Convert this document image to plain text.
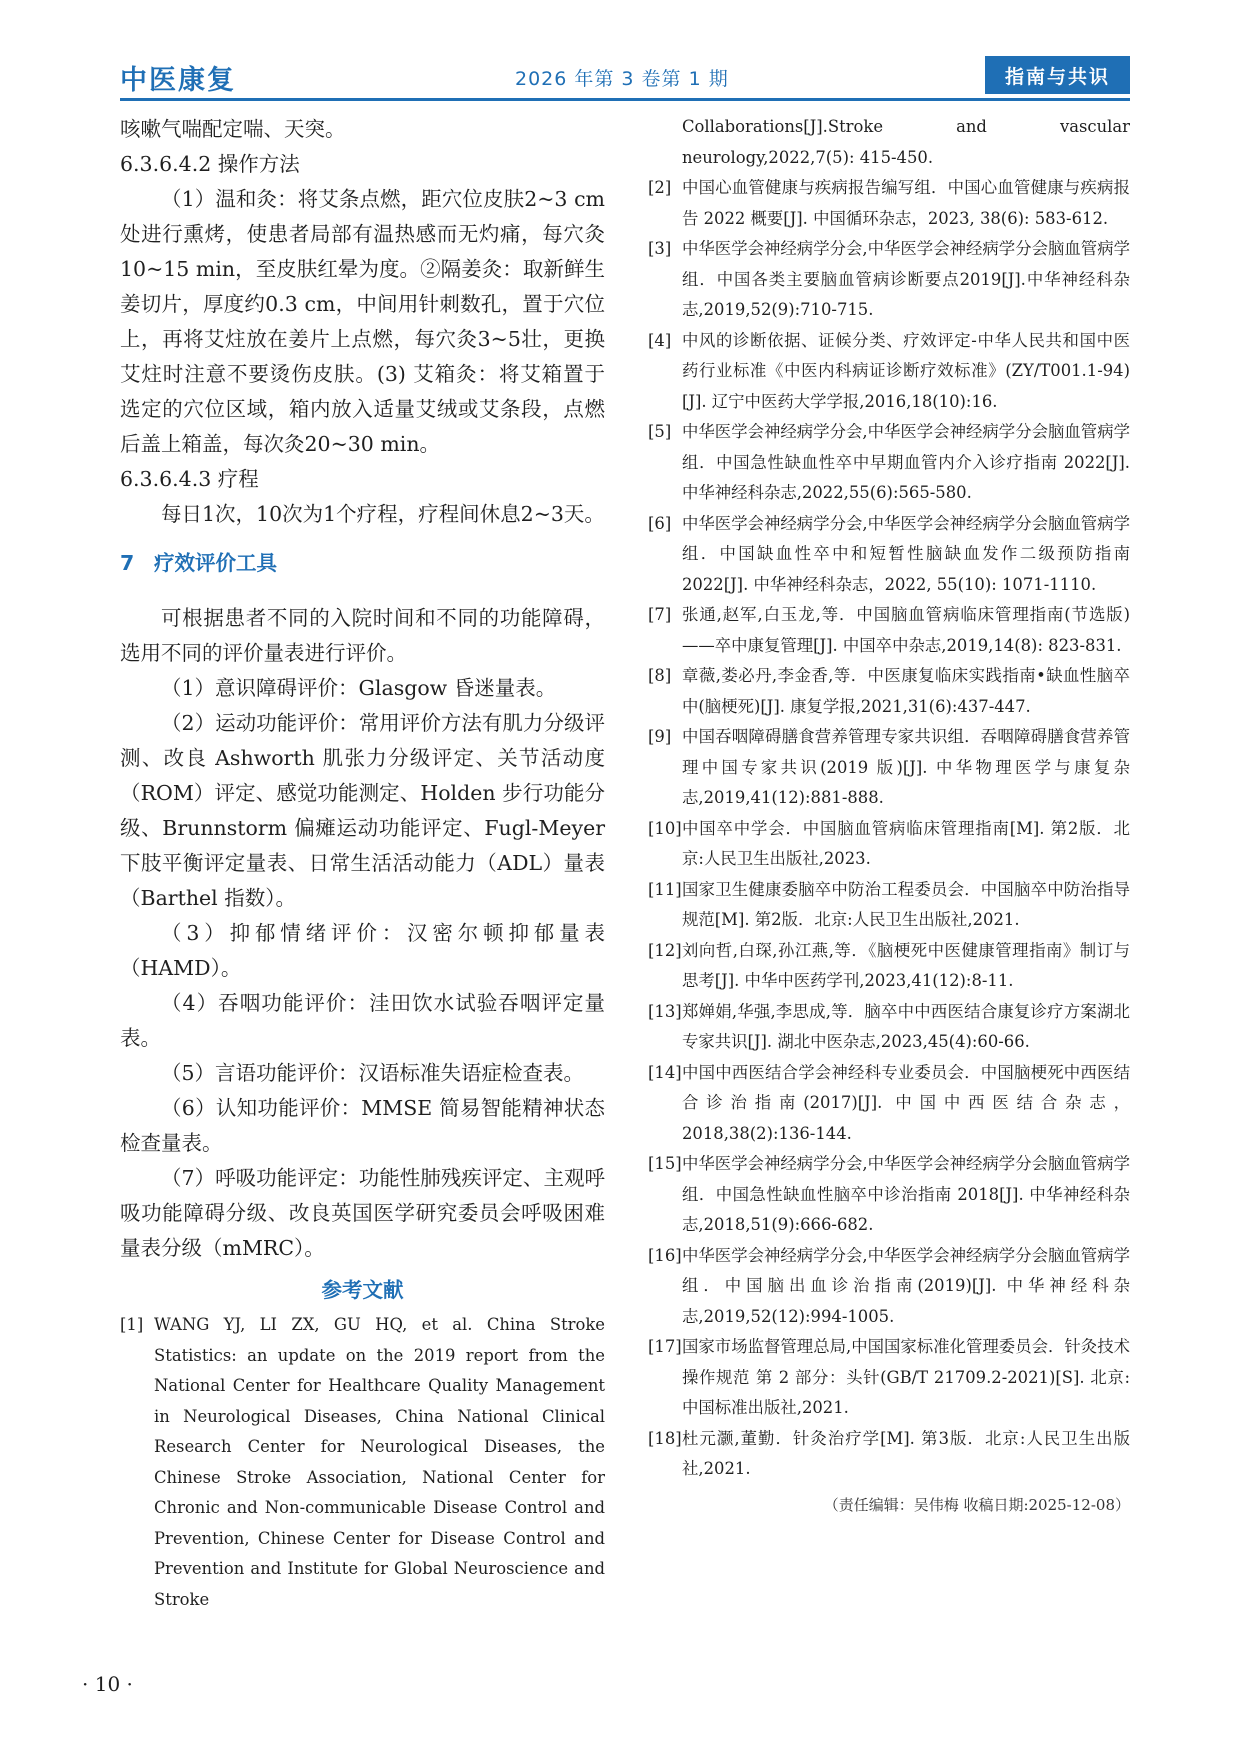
中医康复	2026 年第 3 卷第 1 期	指南与共识

咳嗽气喘配定喘、天突。

6.3.6.4.2 操作方法

（1）温和灸：将艾条点燃，距穴位皮肤2~3 cm处进行熏烤，使患者局部有温热感而无灼痛，每穴灸10~15 min，至皮肤红晕为度。②隔姜灸：取新鲜生姜切片，厚度约0.3 cm，中间用针刺数孔，置于穴位上，再将艾炷放在姜片上点燃，每穴灸3~5壮，更换艾炷时注意不要烫伤皮肤。(3) 艾箱灸：将艾箱置于选定的穴位区域，箱内放入适量艾绒或艾条段，点燃后盖上箱盖，每次灸20~30 min。

6.3.6.4.3 疗程

每日1次，10次为1个疗程，疗程间休息2~3天。

7 疗效评价工具

可根据患者不同的入院时间和不同的功能障碍，选用不同的评价量表进行评价。

（1）意识障碍评价：Glasgow 昏迷量表。

（2）运动功能评价：常用评价方法有肌力分级评测、改良 Ashworth 肌张力分级评定、关节活动度（ROM）评定、感觉功能测定、Holden 步行功能分级、Brunnstorm 偏瘫运动功能评定、Fugl-Meyer 下肢平衡评定量表、日常生活活动能力（ADL）量表（Barthel 指数）。

（3）抑郁情绪评价：汉密尔顿抑郁量表（HAMD）。

（4）吞咽功能评价：洼田饮水试验吞咽评定量表。

（5）言语功能评价：汉语标准失语症检查表。

（6）认知功能评价：MMSE 简易智能精神状态检查量表。

（7）呼吸功能评定：功能性肺残疾评定、主观呼吸功能障碍分级、改良英国医学研究委员会呼吸困难量表分级（mMRC）。

参考文献
[1] WANG YJ, LI ZX, GU HQ, et al. China Stroke Statistics: an update on the 2019 report from the National Center for Healthcare Quality Management in Neurological Diseases, China National Clinical Research Center for Neurological Diseases, the Chinese Stroke Association, National Center for Chronic and Non-communicable Disease Control and Prevention, Chinese Center for Disease Control and Prevention and Institute for Global Neuroscience and Stroke
Collaborations[J].Stroke and vascular neurology,2022,7(5): 415-450.
[2] 中国心血管健康与疾病报告编写组．中国心血管健康与疾病报告 2022 概要[J]. 中国循环杂志，2023, 38(6): 583-612.
[3] 中华医学会神经病学分会,中华医学会神经病学分会脑血管病学组．中国各类主要脑血管病诊断要点2019[J].中华神经科杂志,2019,52(9):710-715.
[4] 中风的诊断依据、证候分类、疗效评定-中华人民共和国中医药行业标准《中医内科病证诊断疗效标准》(ZY/T001.1-94)[J]. 辽宁中医药大学学报,2016,18(10):16.
[5] 中华医学会神经病学分会,中华医学会神经病学分会脑血管病学组．中国急性缺血性卒中早期血管内介入诊疗指南 2022[J]. 中华神经科杂志,2022,55(6):565-580.
[6] 中华医学会神经病学分会,中华医学会神经病学分会脑血管病学组．中国缺血性卒中和短暂性脑缺血发作二级预防指南 2022[J]. 中华神经科杂志，2022, 55(10): 1071-1110.
[7] 张通,赵军,白玉龙,等．中国脑血管病临床管理指南(节选版)——卒中康复管理[J]. 中国卒中杂志,2019,14(8): 823-831.
[8] 章薇,娄必丹,李金香,等．中医康复临床实践指南•缺血性脑卒中(脑梗死)[J]. 康复学报,2021,31(6):437-447.
[9] 中国吞咽障碍膳食营养管理专家共识组．吞咽障碍膳食营养管理中国专家共识(2019 版)[J]. 中华物理医学与康复杂志,2019,41(12):881-888.
[10] 中国卒中学会．中国脑血管病临床管理指南[M]. 第2版．北京:人民卫生出版社,2023.
[11] 国家卫生健康委脑卒中防治工程委员会．中国脑卒中防治指导规范[M]. 第2版．北京:人民卫生出版社,2021.
[12] 刘向哲,白琛,孙江燕,等．《脑梗死中医健康管理指南》制订与思考[J]. 中华中医药学刊,2023,41(12):8-11.
[13] 郑婵娟,华强,李思成,等．脑卒中中西医结合康复诊疗方案湖北专家共识[J]. 湖北中医杂志,2023,45(4):60-66.
[14] 中国中西医结合学会神经科专业委员会．中国脑梗死中西医结合诊治指南(2017)[J]. 中国中西医结合杂志，2018,38(2):136-144.
[15] 中华医学会神经病学分会,中华医学会神经病学分会脑血管病学组．中国急性缺血性脑卒中诊治指南 2018[J]. 中华神经科杂志,2018,51(9):666-682.
[16] 中华医学会神经病学分会,中华医学会神经病学分会脑血管病学组．中国脑出血诊治指南(2019)[J]. 中华神经科杂志,2019,52(12):994-1005.
[17] 国家市场监督管理总局,中国国家标准化管理委员会．针灸技术操作规范 第 2 部分：头针(GB/T 21709.2-2021)[S]. 北京:中国标准出版社,2021.
[18] 杜元灏,董勤．针灸治疗学[M]. 第3版．北京:人民卫生出版社,2021.
（责任编辑：吴伟梅 收稿日期:2025-12-08）
· 10 ·
